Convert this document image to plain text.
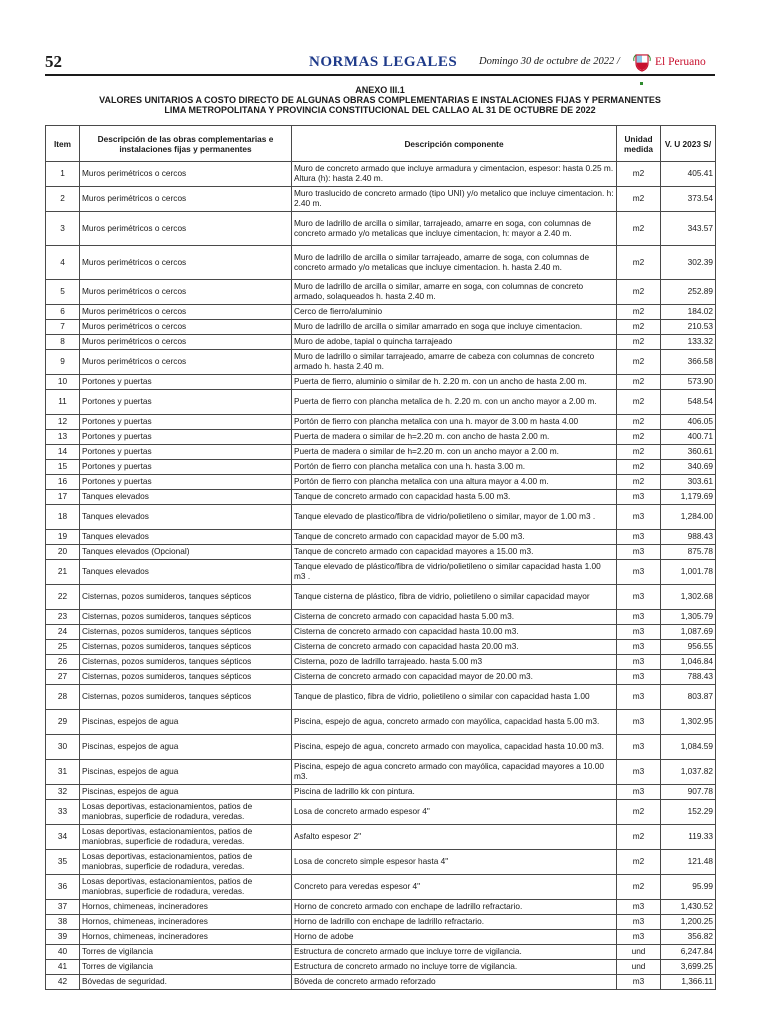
52	NORMAS LEGALES Domingo 30 de octubre de 2022 /	El Peruano
ANEXO III.1
VALORES UNITARIOS A COSTO DIRECTO DE ALGUNAS OBRAS COMPLEMENTARIAS E INSTALACIONES FIJAS Y PERMANENTES
LIMA METROPOLITANA Y PROVINCIA CONSTITUCIONAL DEL CALLAO AL 31 DE OCTUBRE DE 2022
Item	Descripción de las obras complementarias e instalaciones fijas y permanentes	Descripción componente	Unidad medida	V. U 2023 S/
1	Muros perimétricos o cercos	Muro de concreto armado que incluye armadura y cimentacion, espesor: hasta 0.25 m. Altura (h): hasta 2.40 m.	m2	405.41
2	Muros perimétricos o cercos	Muro traslucido de concreto armado (tipo UNI) y/o metalico que incluye cimentacion. h: 2.40 m.	m2	373.54
3	Muros perimétricos o cercos	Muro de ladrillo de arcilla o similar, tarrajeado, amarre en soga, con columnas de concreto armado y/o metalicas que incluye cimentacion, h: mayor a 2.40 m.	m2	343.57
4	Muros perimétricos o cercos	Muro de ladrillo de arcilla o similar tarrajeado, amarre de soga, con columnas de concreto armado y/o metalicas que incluye cimentacion. h. hasta 2.40 m.	m2	302.39
5	Muros perimétricos o cercos	Muro de ladrillo de arcilla o similar, amarre en soga, con columnas de concreto armado, solaqueados h. hasta 2.40 m.	m2	252.89
6	Muros perimétricos o cercos	Cerco de fierro/aluminio	m2	184.02
7	Muros perimétricos o cercos	Muro de ladrillo de arcilla o similar amarrado en soga que incluye cimentacion.	m2	210.53
8	Muros perimétricos o cercos	Muro de adobe, tapial o quincha tarrajeado	m2	133.32
9	Muros perimétricos o cercos	Muro de ladrillo o similar tarrajeado, amarre de cabeza con columnas de concreto armado h. hasta 2.40 m.	m2	366.58
10	Portones y puertas	Puerta de fierro, aluminio o similar de h. 2.20 m. con un ancho de hasta 2.00 m.	m2	573.90
11	Portones y puertas	Puerta de fierro con plancha metalica de h. 2.20 m. con un ancho mayor a 2.00 m.	m2	548.54
12	Portones y puertas	Portón de fierro con plancha metalica con una h. mayor de 3.00 m hasta 4.00	m2	406.05
13	Portones y puertas	Puerta de madera o similar de h=2.20 m. con ancho de hasta 2.00 m.	m2	400.71
14	Portones y puertas	Puerta de madera o similar de h=2.20 m. con un ancho mayor a 2.00 m.	m2	360.61
15	Portones y puertas	Portón de fierro con plancha metalica con una h. hasta 3.00 m.	m2	340.69
16	Portones y puertas	Portón de fierro con plancha metalica con una altura mayor a 4.00 m.	m2	303.61
17	Tanques elevados	Tanque de concreto armado con capacidad hasta 5.00 m3.	m3	1,179.69
18	Tanques elevados	Tanque elevado de plastico/fibra de vidrio/polietileno o similar, mayor de 1.00 m3 .	m3	1,284.00
19	Tanques elevados	Tanque de concreto armado con capacidad mayor de 5.00 m3.	m3	988.43
20	Tanques elevados (Opcional)	Tanque de concreto armado con capacidad mayores a 15.00 m3.	m3	875.78
21	Tanques elevados	Tanque elevado de plástico/fibra de vidrio/polietileno o similar capacidad hasta 1.00 m3 .	m3	1,001.78
22	Cisternas, pozos sumideros, tanques sépticos	Tanque cisterna de plástico, fibra de vidrio, polietileno o similar capacidad mayor	m3	1,302.68
23	Cisternas, pozos sumideros, tanques sépticos	Cisterna de concreto armado con capacidad hasta 5.00 m3.	m3	1,305.79
24	Cisternas, pozos sumideros, tanques sépticos	Cisterna de concreto armado con capacidad hasta 10.00 m3.	m3	1,087.69
25	Cisternas, pozos sumideros, tanques sépticos	Cisterna de concreto armado con capacidad hasta 20.00 m3.	m3	956.55
26	Cisternas, pozos sumideros, tanques sépticos	Cisterna, pozo de ladrillo tarrajeado. hasta 5.00 m3	m3	1,046.84
27	Cisternas, pozos sumideros, tanques sépticos	Cisterna de concreto armado con capacidad mayor de 20.00 m3.	m3	788.43
28	Cisternas, pozos sumideros, tanques sépticos	Tanque de plastico, fibra de vidrio, polietileno o similar con capacidad hasta 1.00	m3	803.87
29	Piscinas, espejos de agua	Piscina, espejo de agua, concreto armado con mayólica, capacidad hasta 5.00 m3.	m3	1,302.95
30	Piscinas, espejos de agua	Piscina, espejo de agua, concreto armado con mayolica, capacidad hasta 10.00 m3.	m3	1,084.59
31	Piscinas, espejos de agua	Piscina, espejo de agua concreto armado con mayólica, capacidad mayores a 10.00 m3.	m3	1,037.82
32	Piscinas, espejos de agua	Piscina de ladrillo kk con pintura.	m3	907.78
33	Losas deportivas, estacionamientos, patios de maniobras, superficie de rodadura, veredas.	Losa de concreto armado espesor 4"	m2	152.29
34	Losas deportivas, estacionamientos, patios de maniobras, superficie de rodadura, veredas.	Asfalto espesor 2"	m2	119.33
35	Losas deportivas, estacionamientos, patios de maniobras, superficie de rodadura, veredas.	Losa de concreto simple espesor hasta 4"	m2	121.48
36	Losas deportivas, estacionamientos, patios de maniobras, superficie de rodadura, veredas.	Concreto para veredas espesor 4"	m2	95.99
37	Hornos, chimeneas, incineradores	Horno de concreto armado con enchape de ladrillo refractario.	m3	1,430.52
38	Hornos, chimeneas, incineradores	Horno de ladrillo con enchape de ladrillo refractario.	m3	1,200.25
39	Hornos, chimeneas, incineradores	Horno de adobe	m3	356.82
40	Torres de vigilancia	Estructura de concreto armado que incluye torre de vigilancia.	und	6,247.84
41	Torres de vigilancia	Estructura de concreto armado no incluye torre de vigilancia.	und	3,699.25
42	Bóvedas de seguridad.	Bóveda de concreto armado reforzado	m3	1,366.11
